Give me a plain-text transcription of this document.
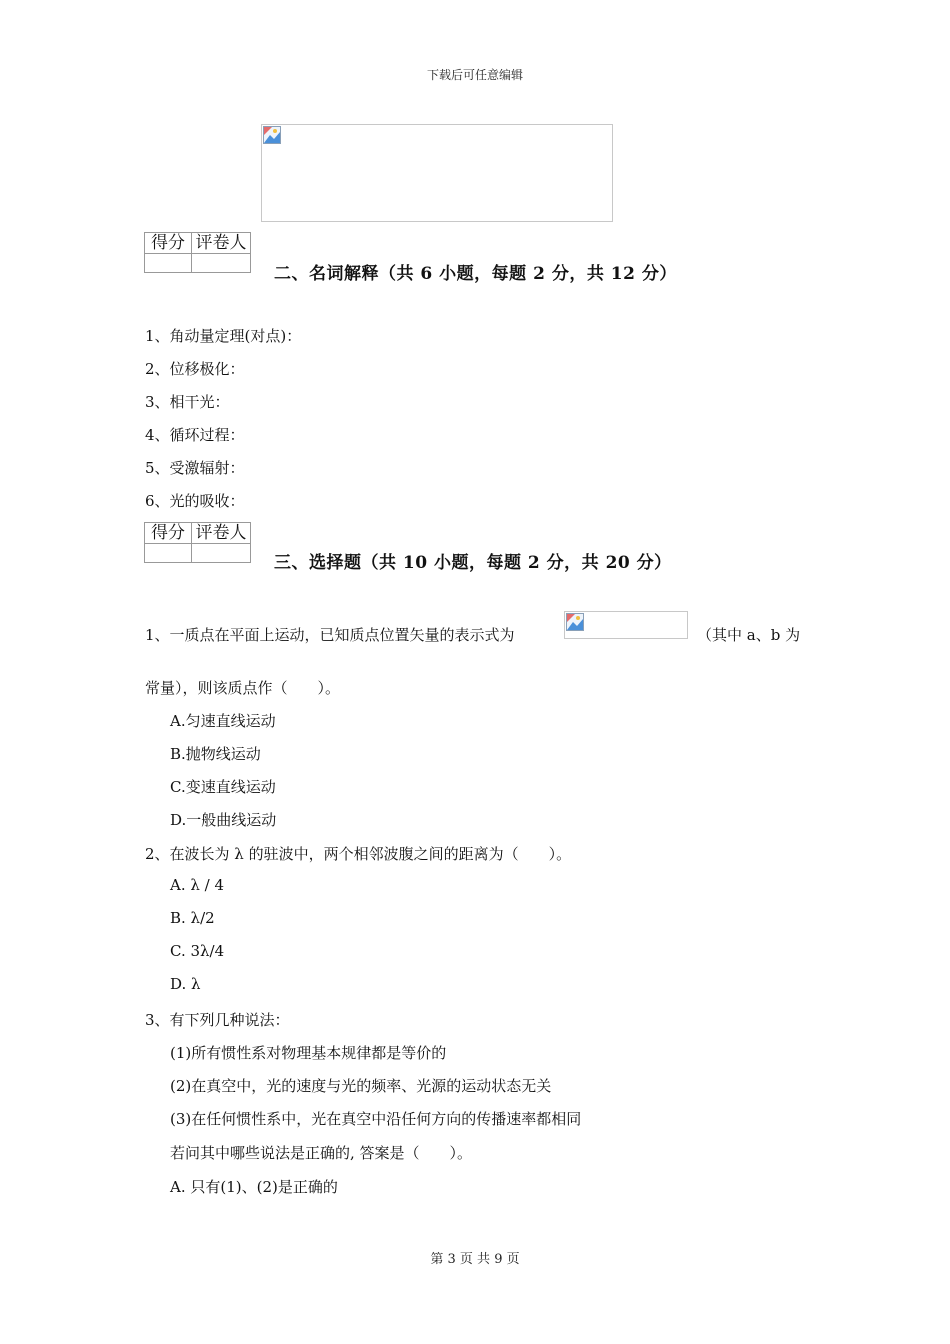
下载后可任意编辑
得分	评卷人

二、名词解释（共 6 小题，每题 2 分，共 12 分）
1、角动量定理(对点)：
2、位移极化：
3、相干光：
4、循环过程：
5、受激辐射：
6、光的吸收：
得分	评卷人

三、选择题（共 10 小题，每题 2 分，共 20 分）
1、一质点在平面上运动，已知质点位置矢量的表示式为	（其中 a、b 为
常量），则该质点作（　　）。
A.匀速直线运动
B.抛物线运动
C.变速直线运动
D.一般曲线运动
2、在波长为 λ 的驻波中，两个相邻波腹之间的距离为（　　）。
A. λ / 4
B. λ/2
C. 3λ/4
D. λ
3、有下列几种说法：
(1)所有惯性系对物理基本规律都是等价的
(2)在真空中，光的速度与光的频率、光源的运动状态无关
(3)在任何惯性系中，光在真空中沿任何方向的传播速率都相同
若问其中哪些说法是正确的, 答案是（　　）。
A. 只有(1)、(2)是正确的
第 3 页 共 9 页
